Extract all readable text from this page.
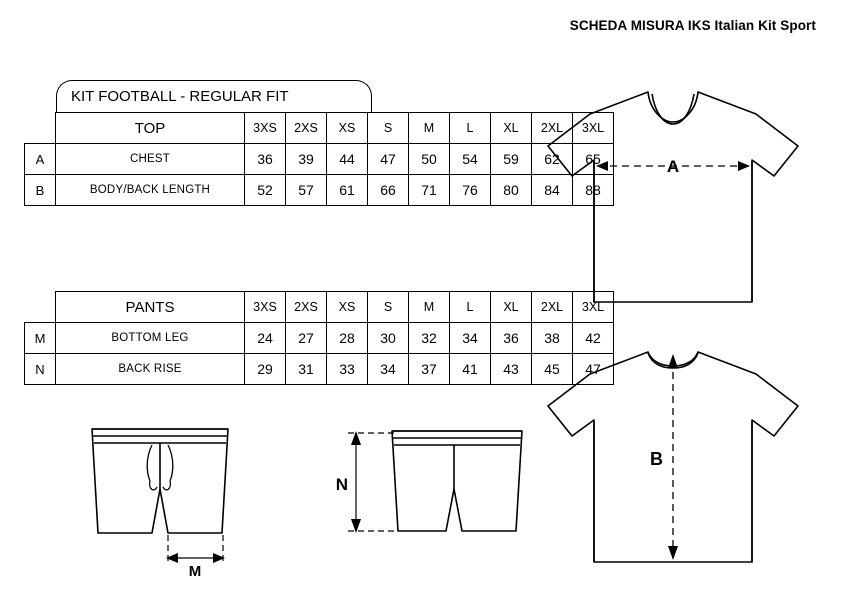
SCHEDA MISURA IKS Italian Kit Sport
KIT FOOTBALL - REGULAR FIT
	TOP	3XS	2XS	XS	S	M	L	XL	2XL	3XL
A	CHEST	36	39	44	47	50	54	59	62	65
B	BODY/BACK LENGTH	52	57	61	66	71	76	80	84	88
	PANTS	3XS	2XS	XS	S	M	L	XL	2XL	3XL
M	BOTTOM LEG	24	27	28	30	32	34	36	38	42
N	BACK RISE	29	31	33	34	37	41	43	45	47
A
B
M
N
